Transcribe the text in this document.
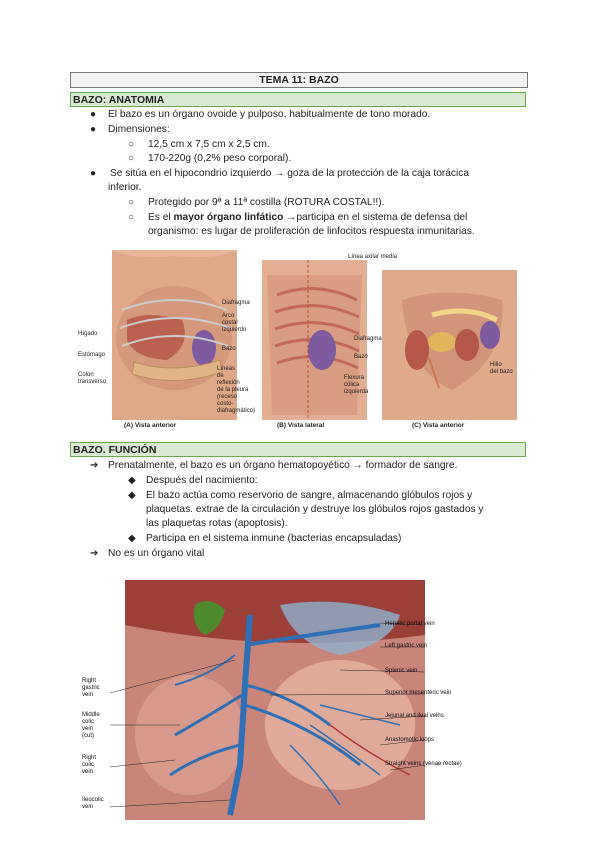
TEMA 11: BAZO
BAZO: ANATOMIA
● El bazo es un órgano ovoide y pulposo, habitualmente de tono morado.
● Dimensiones:
○ 12,5 cm x 7,5 cm x 2,5 cm.
○ 170-220g (0,2% peso corporal).
● Se sitúa en el hipocondrio izquierdo → goza de la protección de la caja torácica
inferior.
○ Protegido por 9ª a 11ª costilla (ROTURA COSTAL!!).
○ Es el mayor órgano linfático →participa en el sistema de defensa del
organismo: es lugar de proliferación de linfocitos respuesta inmunitarias.
Hígado
Estómago
Colon
transverso
Diafragma
Arco
costal
izquierdo
Bazo
Líneas
de
reflexión
de la pleura
(receso
costo-
diafragmático)
Línea axilar media
Diafragma
Bazo
Flexura
cólica
izquierda
Hilio
del bazo
(A) Vista anterior	(B) Vista lateral	(C) Vista anterior
BAZO. FUNCIÓN
➔ Prenatalmente, el bazo es un órgano hematopoyético → formador de sangre.
◆ Después del nacimiento:
◆ El bazo actúa como reservorio de sangre, almacenando glóbulos rojos y
plaquetas. extrae de la circulación y destruye los glóbulos rojos gastados y
las plaquetas rotas (apoptosis).
◆ Participa en el sistema inmune (bacterias encapsuladas)
➔ No es un órgano vital
Hepatic portal vein
Left gastric vein
Splenic vein
Superior mesenteric vein
Jejunal and ileal veins
Anastomotic loops
Straight veins (venae rectae)
Right
gastric
vein
Middle
colic
vein
(cut)
Right
colic
vein
Ileocolic
vein
